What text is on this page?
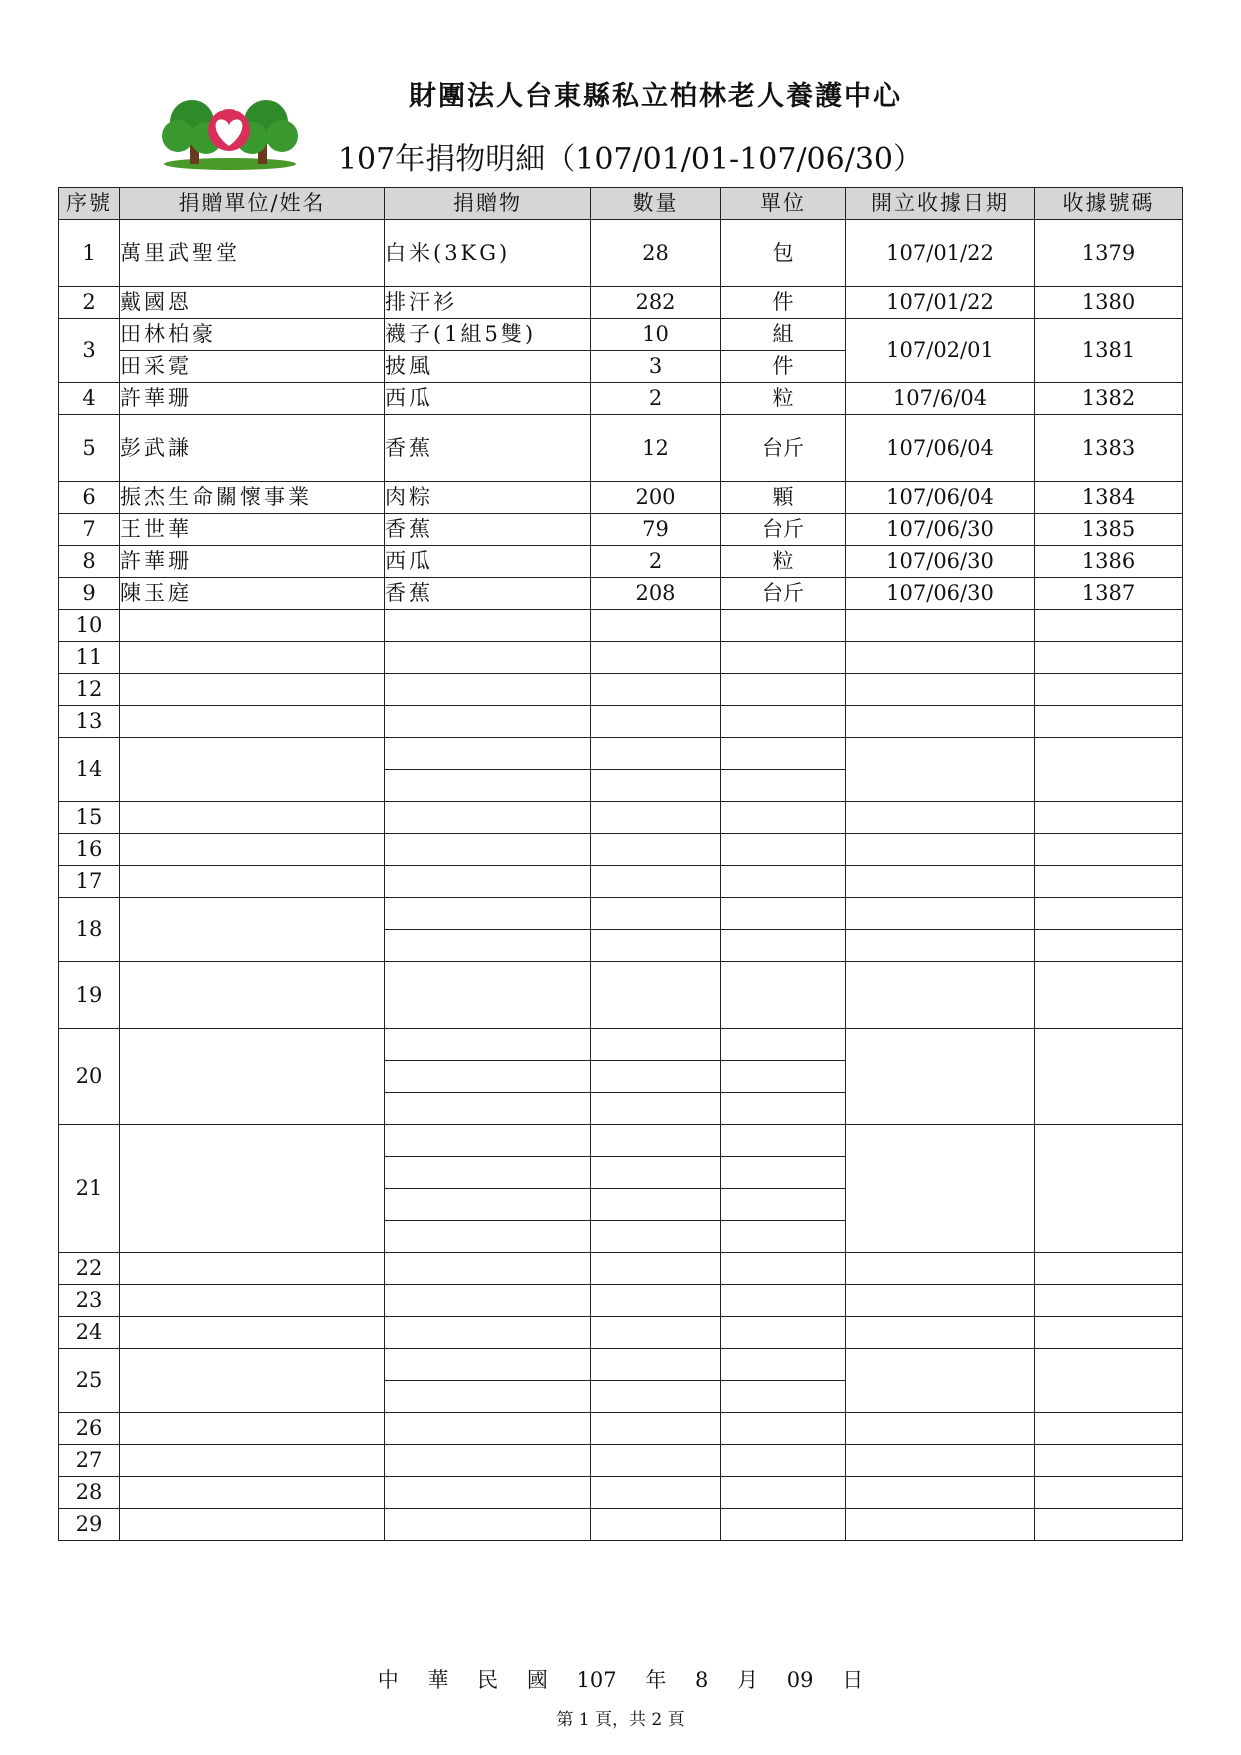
財團法人台東縣私立柏林老人養護中心
107年捐物明細（107/01/01-107/06/30）
序號	捐贈單位/姓名	捐贈物	數量	單位	開立收據日期	收據號碼
1	萬里武聖堂	白米(3KG)	28	包	107/01/22	1379
2	戴國恩	排汗衫	282	件	107/01/22	1380
3	田林柏豪	襪子(1組5雙)	10	組	107/02/01	1381
	田采霓	披風	3	件		
4	許華珊	西瓜	2	粒	107/6/04	1382
5	彭武謙	香蕉	12	台斤	107/06/04	1383
6	振杰生命關懷事業	肉粽	200	顆	107/06/04	1384
7	王世華	香蕉	79	台斤	107/06/30	1385
8	許華珊	西瓜	2	粒	107/06/30	1386
9	陳玉庭	香蕉	208	台斤	107/06/30	1387
10						
11						
12						
13						
14						

15						
16						
17						
18						

19						
20						

21						

22						
23						
24						
25						

26						
27						
28						
29						
中 華 民 國 107 年 8 月 09 日
第 1 頁，共 2 頁
